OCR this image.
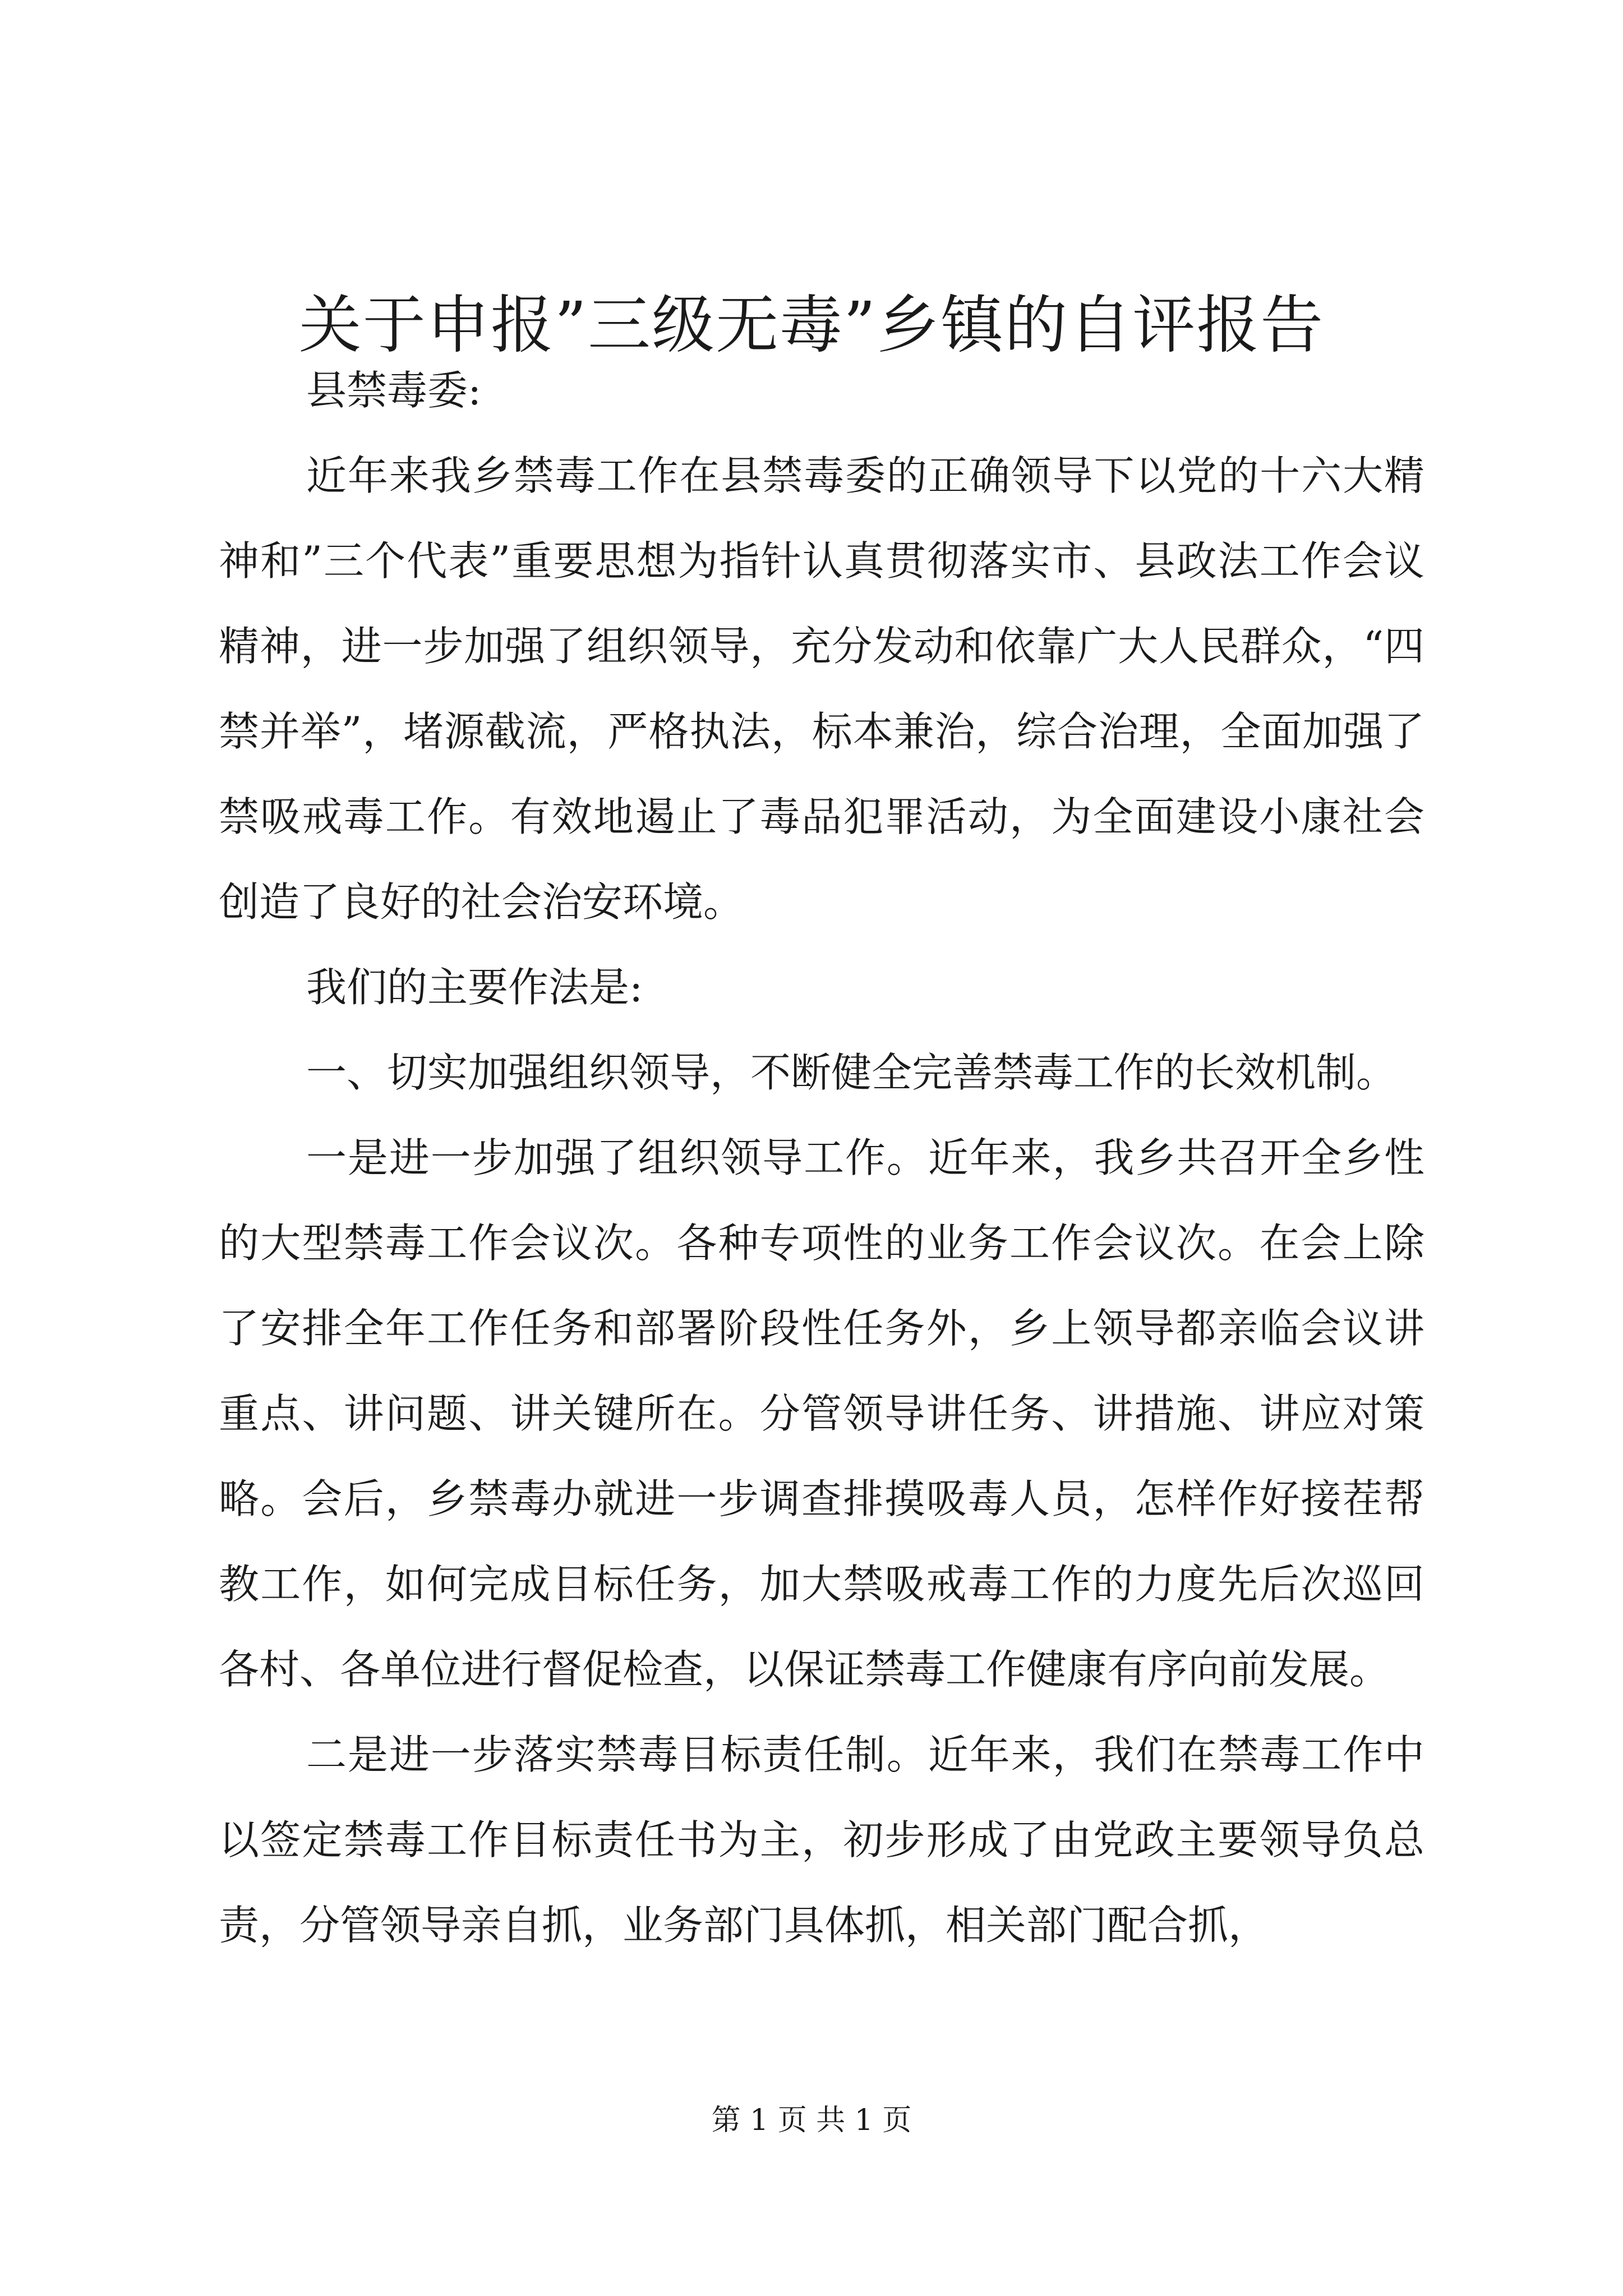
关于申报”三级无毒”乡镇的自评报告

县禁毒委:

近年来我乡禁毒工作在县禁毒委的正确领导下以党的十六大精神和”三个代表”重要思想为指针认真贯彻落实市、县政法工作会议精神，进一步加强了组织领导，充分发动和依靠广大人民群众，“四禁并举”，堵源截流，严格执法，标本兼治，综合治理，全面加强了禁吸戒毒工作。有效地遏止了毒品犯罪活动，为全面建设小康社会创造了良好的社会治安环境。

我们的主要作法是:

一、切实加强组织领导，不断健全完善禁毒工作的长效机制。

一是进一步加强了组织领导工作。近年来，我乡共召开全乡性的大型禁毒工作会议次。各种专项性的业务工作会议次。在会上除了安排全年工作任务和部署阶段性任务外，乡上领导都亲临会议讲重点、讲问题、讲关键所在。分管领导讲任务、讲措施、讲应对策略。会后，乡禁毒办就进一步调查排摸吸毒人员，怎样作好接茬帮教工作，如何完成目标任务，加大禁吸戒毒工作的力度先后次巡回各村、各单位进行督促检查，以保证禁毒工作健康有序向前发展。

二是进一步落实禁毒目标责任制。近年来，我们在禁毒工作中以签定禁毒工作目标责任书为主，初步形成了由党政主要领导负总责，分管领导亲自抓，业务部门具体抓，相关部门配合抓，

第 1 页 共 1 页
